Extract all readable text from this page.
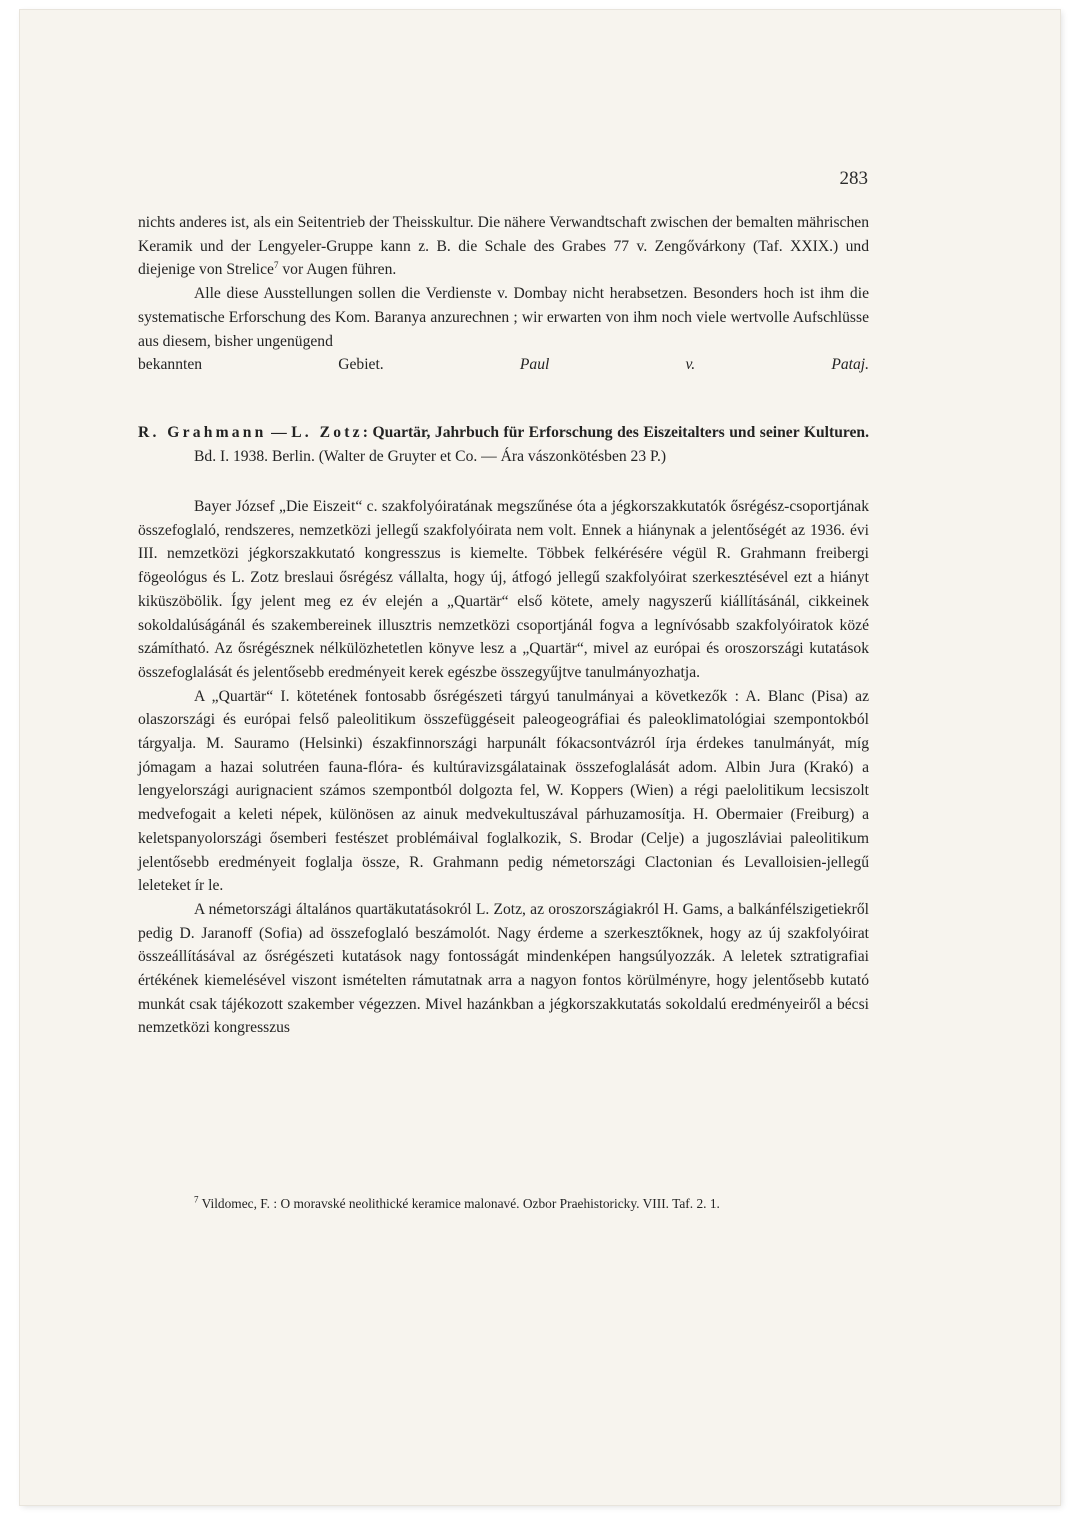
283

nichts anderes ist, als ein Seitentrieb der Theisskultur. Die nähere Verwandtschaft zwischen der bemalten mährischen Keramik und der Lengyeler-Gruppe kann z. B. die Schale des Grabes 77 v. Zengővárkony (Taf. XXIX.) und diejenige von Strelice$^7$ vor Augen führen.

Alle diese Ausstellungen sollen die Verdienste v. Dombay nicht herabsetzen. Besonders hoch ist ihm die systematische Erforschung des Kom. Baranya anzurechnen ; wir erwarten von ihm noch viele wertvolle Aufschlüsse aus diesem, bisher ungenügend

bekannten Gebiet.	Paul v. Pataj.

R. Grahmann — L. Zotz: Quartär, Jahrbuch für Erforschung des Eiszeitalters und seiner Kulturen. Bd. I. 1938. Berlin. (Walter de Gruyter et Co. — Ára vászonkötésben 23 P.)

Bayer József „Die Eiszeit“ c. szakfolyóiratának megszűnése óta a jégkorszakkutatók ősrégész-csoportjának összefoglaló, rendszeres, nemzetközi jellegű szakfolyóirata nem volt. Ennek a hiánynak a jelentőségét az 1936. évi III. nemzetközi jégkorszakkutató kongresszus is kiemelte. Többek felkérésére végül R. Grahmann freibergi fögeológus és L. Zotz breslaui ősrégész vállalta, hogy új, átfogó jellegű szakfolyóirat szerkesztésével ezt a hiányt kiküszöbölik. Így jelent meg ez év elején a „Quartär“ első kötete, amely nagyszerű kiállításánál, cikkeinek sokoldalúságánál és szakembereinek illusztris nemzetközi csoportjánál fogva a legnívósabb szakfolyóiratok közé számítható. Az ősrégésznek nélkülözhetetlen könyve lesz a „Quartär“, mivel az európai és oroszországi kutatások összefoglalását és jelentősebb eredményeit kerek egészbe összegyűjtve tanulmányozhatja.

A „Quartär“ I. kötetének fontosabb ősrégészeti tárgyú tanulmányai a következők : A. Blanc (Pisa) az olaszországi és európai felső paleolitikum összefüggéseit paleogeográfiai és paleoklimatológiai szempontokból tárgyalja. M. Sauramo (Helsinki) északfinnországi harpunált fókacsontvázról írja érdekes tanulmányát, míg jómagam a hazai solutréen fauna-flóra- és kultúravizsgálatainak összefoglalását adom. Albin Jura (Krakó) a lengyelországi aurignacient számos szempontból dolgozta fel, W. Koppers (Wien) a régi paelolitikum lecsiszolt medvefogait a keleti népek, különösen az ainuk medvekultuszával párhuzamosítja. H. Obermaier (Freiburg) a keletspanyolországi ősemberi festészet problémáival foglalkozik, S. Brodar (Celje) a jugoszláviai paleolitikum jelentősebb eredményeit foglalja össze, R. Grahmann pedig németországi Clactonian és Levalloisien-jellegű leleteket ír le.

A németországi általános quartäkutatásokról L. Zotz, az oroszországiakról H. Gams, a balkánfélszigetiekről pedig D. Jaranoff (Sofia) ad összefoglaló beszámolót. Nagy érdeme a szerkesztőknek, hogy az új szakfolyóirat összeállításával az ősrégészeti kutatások nagy fontosságát mindenképen hangsúlyozzák. A leletek sztratigrafiai értékének kiemelésével viszont ismételten rámutatnak arra a nagyon fontos körülményre, hogy jelentősebb kutató munkát csak tájékozott szakember végezzen. Mivel hazánkban a jégkorszakkutatás sokoldalú eredményeiről a bécsi nemzetközi kongresszus

$^7$ Vildomec, F. : O moravské neolithické keramice malonavé. Ozbor Praehistoricky. VIII. Taf. 2. 1.
